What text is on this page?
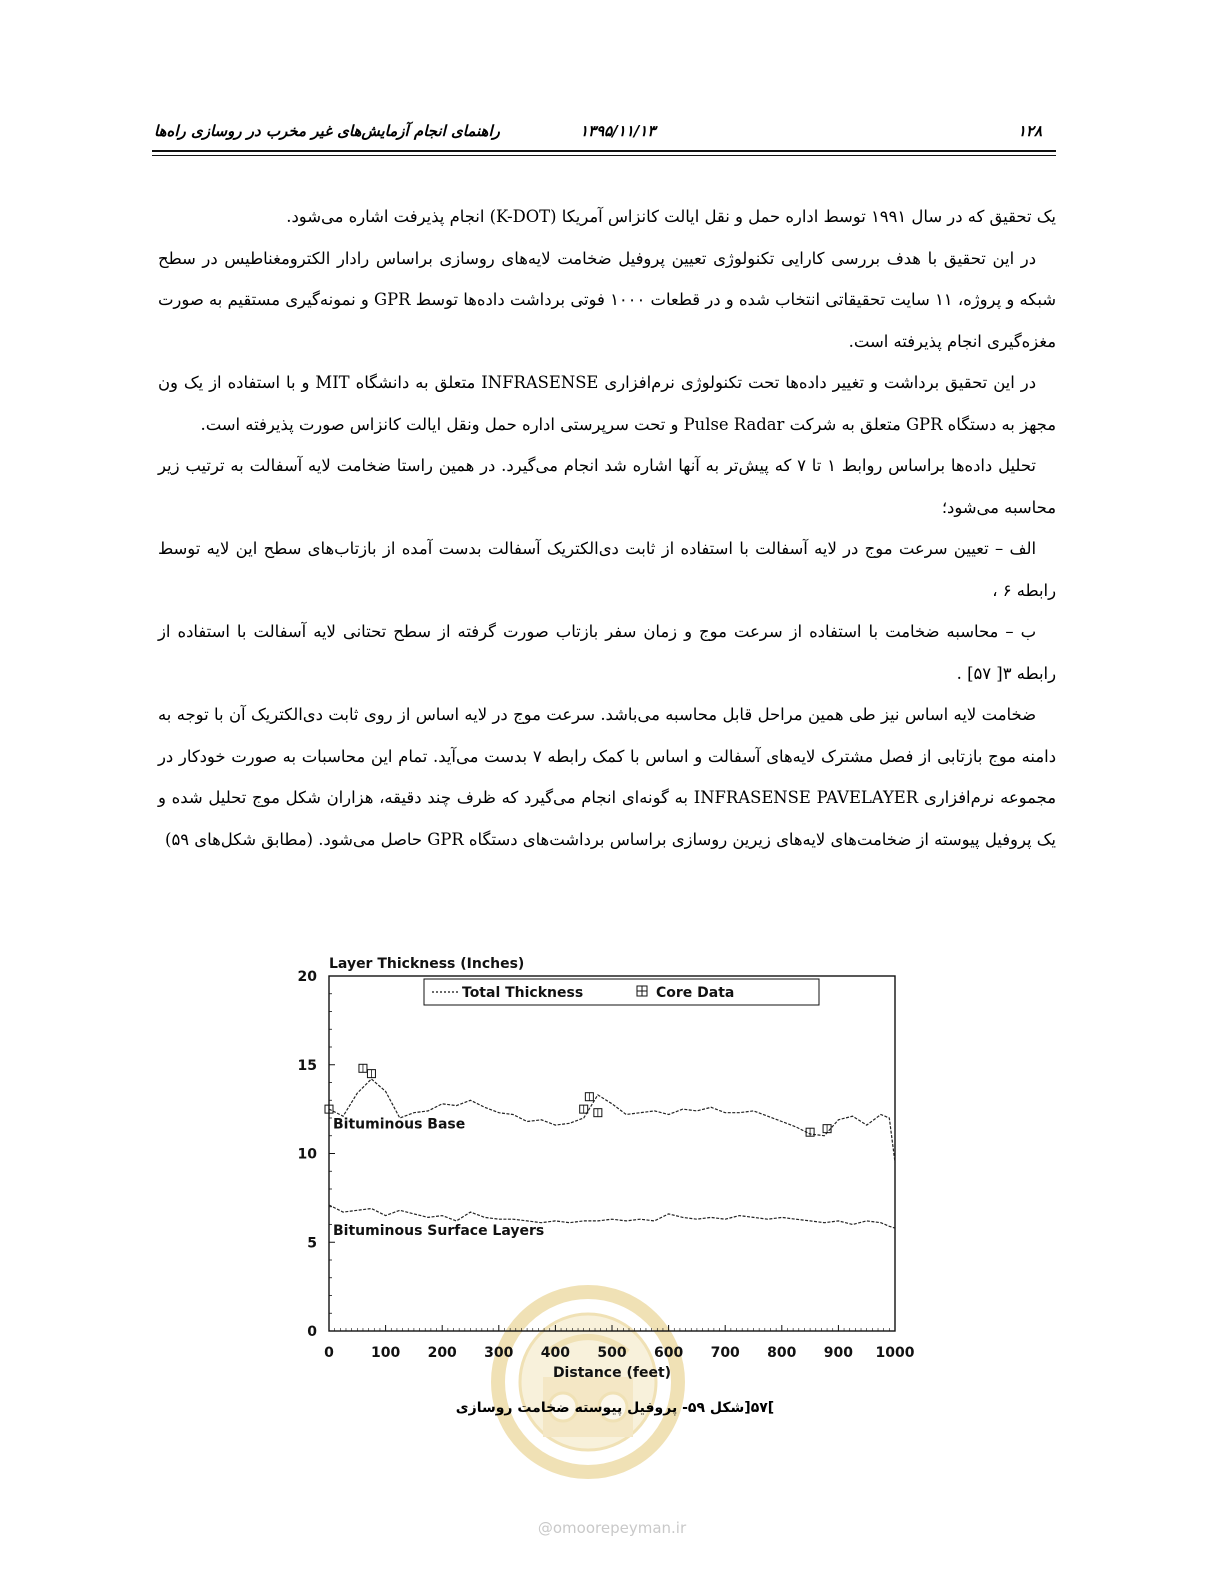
۱۲۸
۱۳۹۵/۱۱/۱۳
راهنمای انجام آزمایش‌های غیر مخرب در روسازی راه‌ها

یک تحقیق که در سال ۱۹۹۱ توسط اداره حمل و نقل ایالت کانزاس آمریکا (K-DOT) انجام پذیرفت اشاره می‌شود.

در این تحقیق با هدف بررسی کارایی تکنولوژی تعیین پروفیل ضخامت لایه‌های روسازی براساس رادار الکترومغناطیس در سطح شبکه و پروژه، ۱۱ سایت تحقیقاتی انتخاب شده و در قطعات ۱۰۰۰ فوتی برداشت داده‌ها توسط GPR و نمونه‌گیری مستقیم به صورت مغزه‌گیری انجام پذیرفته است.

در این تحقیق برداشت و تغییر داده‌ها تحت تکنولوژی نرم‌افزاری INFRASENSE متعلق به دانشگاه MIT و با استفاده از یک ون مجهز به دستگاه GPR متعلق به شرکت Pulse Radar و تحت سرپرستی اداره حمل ونقل ایالت کانزاس صورت پذیرفته است.

تحلیل داده‌ها براساس روابط ۱ تا ۷ که پیش‌تر به آنها اشاره شد انجام می‌گیرد. در همین راستا ضخامت لایه آسفالت به ترتیب زیر محاسبه می‌شود؛

الف – تعیین سرعت موج در لایه آسفالت با استفاده از ثابت دی‌الکتریک آسفالت بدست آمده از بازتاب‌های سطح این لایه توسط رابطه ۶ ،

ب – محاسبه ضخامت با استفاده از سرعت موج و زمان سفر بازتاب صورت گرفته از سطح تحتانی لایه آسفالت با استفاده از رابطه ۳[ ۵۷] .

ضخامت لایه اساس نیز طی همین مراحل قابل محاسبه می‌باشد. سرعت موج در لایه اساس از روی ثابت دی‌الکتریک آن با توجه به دامنه موج بازتابی از فصل مشترک لایه‌های آسفالت و اساس با کمک رابطه ۷ بدست می‌آید. تمام این محاسبات به صورت خودکار در مجموعه نرم‌افزاری INFRASENSE PAVELAYER به گونه‌ای انجام می‌گیرد که ظرف چند دقیقه، هزاران شکل موج تحلیل شده و یک پروفیل پیوسته از ضخامت‌های لایه‌های زیرین روسازی براساس برداشت‌های دستگاه GPR حاصل می‌شود. (مطابق شکل‌های ۵۹)

Layer Thickness (Inches)
0
5
10
15
20
0	100 200 300 400 500 600 700 800 900 1000
Distance (feet)
Total Thickness	Core Data
Bituminous Base
Bituminous Surface Layers
]۵۷[شکل ۵۹- پروفیل پیوسته ضخامت روسازی
@omoorepeyman.ir
